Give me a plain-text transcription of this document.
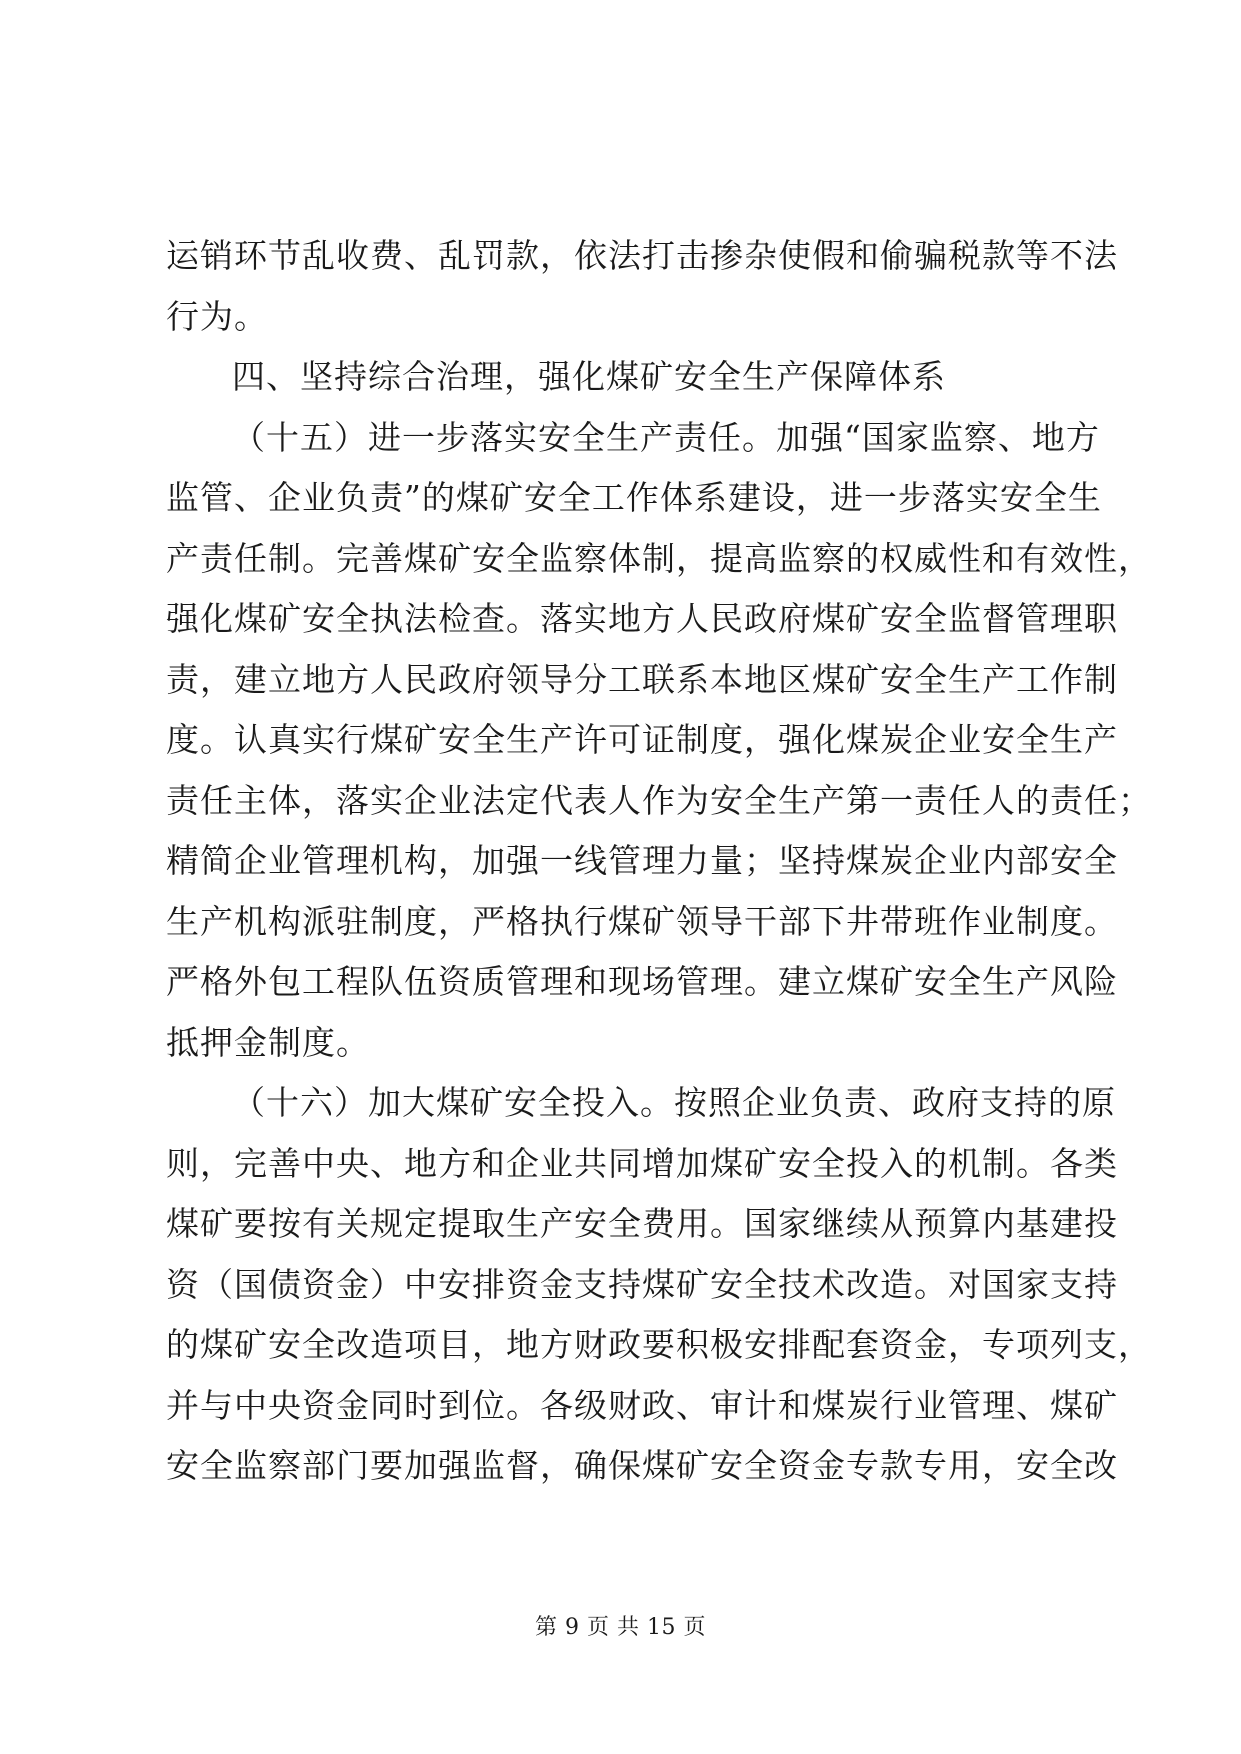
运销环节乱收费、乱罚款，依法打击掺杂使假和偷骗税款等不法
行为。
四、坚持综合治理，强化煤矿安全生产保障体系
（十五）进一步落实安全生产责任。加强“国家监察、地方
监管、企业负责”的煤矿安全工作体系建设，进一步落实安全生
产责任制。完善煤矿安全监察体制，提高监察的权威性和有效性，
强化煤矿安全执法检查。落实地方人民政府煤矿安全监督管理职
责，建立地方人民政府领导分工联系本地区煤矿安全生产工作制
度。认真实行煤矿安全生产许可证制度，强化煤炭企业安全生产
责任主体，落实企业法定代表人作为安全生产第一责任人的责任；
精简企业管理机构，加强一线管理力量；坚持煤炭企业内部安全
生产机构派驻制度，严格执行煤矿领导干部下井带班作业制度。
严格外包工程队伍资质管理和现场管理。建立煤矿安全生产风险
抵押金制度。
（十六）加大煤矿安全投入。按照企业负责、政府支持的原
则，完善中央、地方和企业共同增加煤矿安全投入的机制。各类
煤矿要按有关规定提取生产安全费用。国家继续从预算内基建投
资（国债资金）中安排资金支持煤矿安全技术改造。对国家支持
的煤矿安全改造项目，地方财政要积极安排配套资金，专项列支，
并与中央资金同时到位。各级财政、审计和煤炭行业管理、煤矿
安全监察部门要加强监督，确保煤矿安全资金专款专用，安全改
第 9 页 共 15 页
